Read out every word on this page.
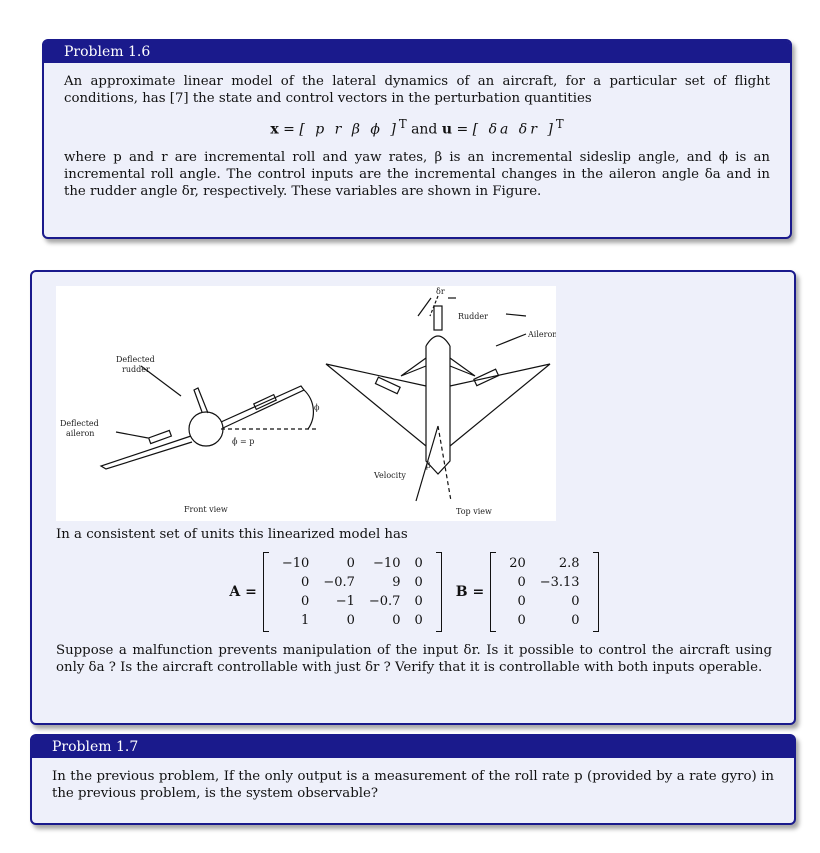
Problem 1.6
An approximate linear model of the lateral dynamics of an aircraft, for a particular set of flight conditions, has [7] the state and control vectors in the perturbation quantities
x = [ p r β ϕ ]$^T$ and u = [ δa δr ]$^T$
where p and r are incremental roll and yaw rates, β is an incremental sideslip angle, and ϕ is an incremental roll angle. The control inputs are the incremental changes in the aileron angle δa and in the rudder angle δr, respectively. These variables are shown in Figure.
Deflected
rudder
Deflected
aileron
ϕ
ϕ̇ = p
Front view
δr
Rudder
Aileron
Velocity
β
Top view
In a consistent set of units this linearized model has
A =
−10	0	−10	0
0	−0.7	9	0
0	−1	−0.7	0
1	0	0	0
B =
20	2.8
0	−3.13
0	0
0	0
Suppose a malfunction prevents manipulation of the input δr. Is it possible to control the aircraft using only δa ? Is the aircraft controllable with just δr ? Verify that it is controllable with both inputs operable.
Problem 1.7
In the previous problem, If the only output is a measurement of the roll rate p (provided by a rate gyro) in the previous problem, is the system observable?
